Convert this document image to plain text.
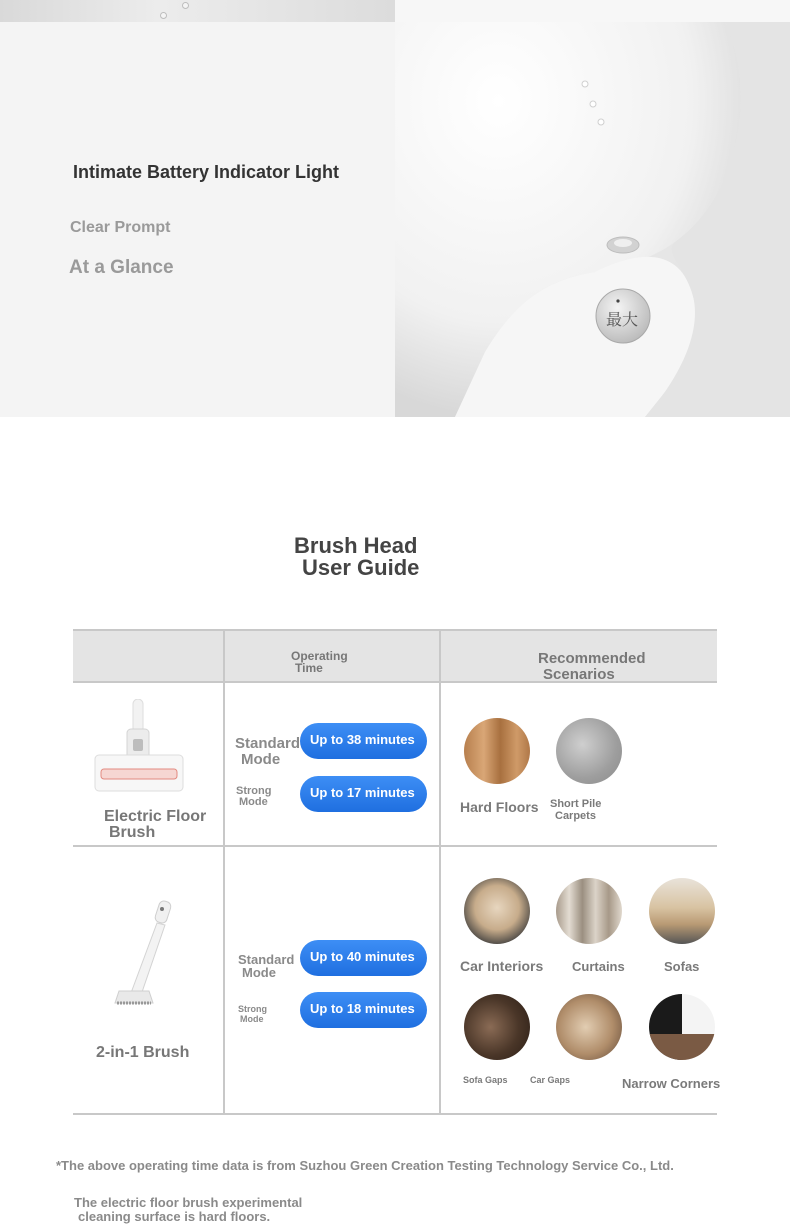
最大
Intimate Battery Indicator Light
Clear Prompt
At a Glance
Brush Head
User Guide
Operating
Time
Recommended
Scenarios
Electric Floor
Brush
Standard
Mode
Up to 38 minutes
Strong
Mode
Up to 17 minutes
Hard Floors Short Pile
Carpets
2-in-1 Brush
Standard
Mode
Up to 40 minutes
Strong
Mode
Up to 18 minutes
Car Interiors Curtains	Sofas
Sofa Gaps Car Gaps	Narrow Corners
*The above operating time data is from Suzhou Green Creation Testing Technology Service Co., Ltd.
The electric floor brush experimental
cleaning surface is hard floors.
